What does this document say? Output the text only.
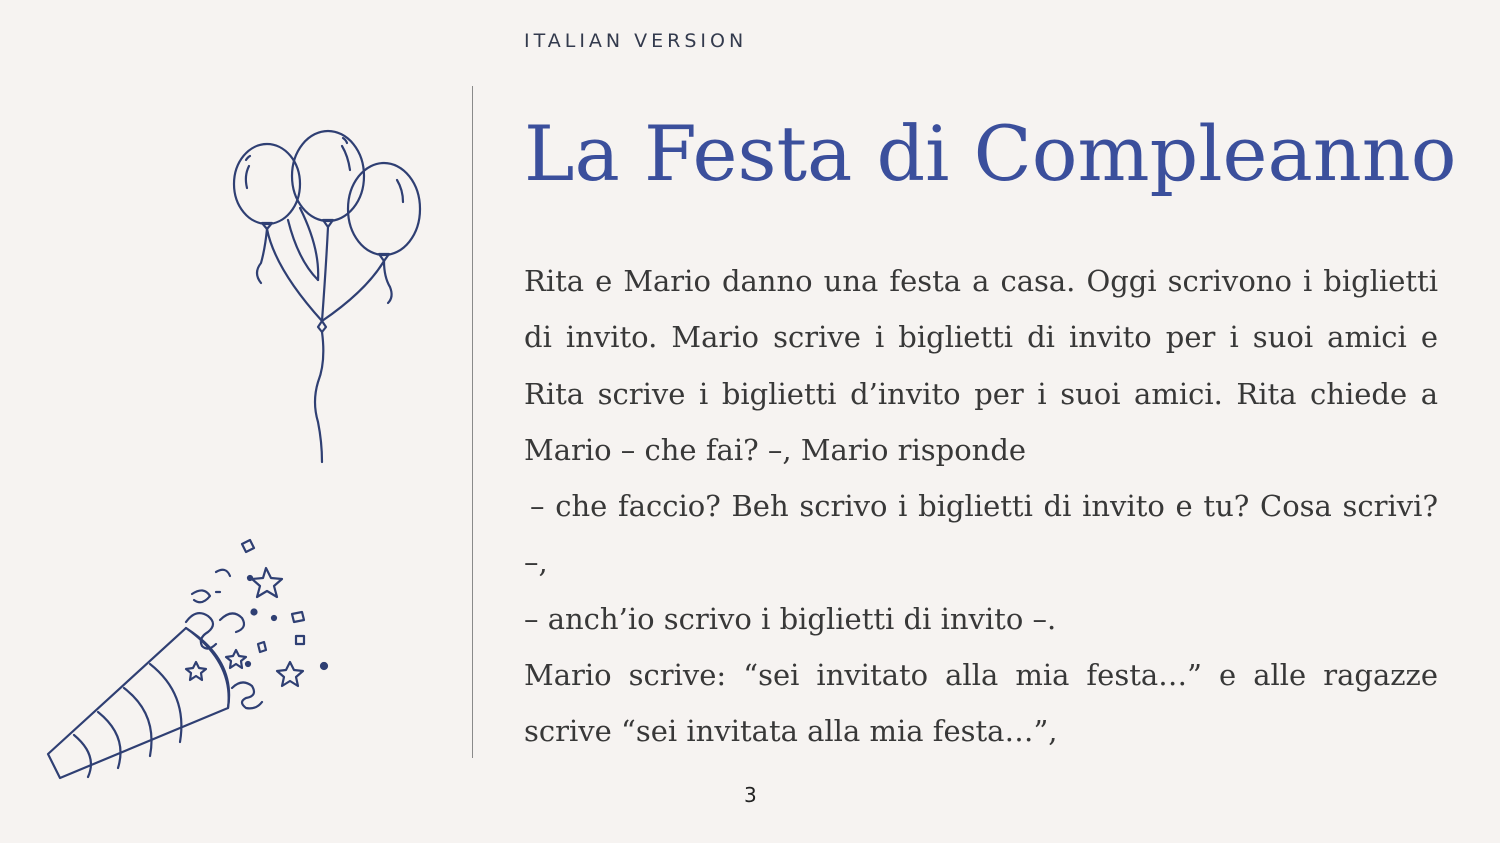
ITALIAN VERSION
La Festa di Compleanno

Rita e Mario danno una festa a casa. Oggi scrivono i biglietti di invito. Mario scrive i biglietti di invito per i suoi amici e Rita scrive i biglietti d’invito per i suoi amici. Rita chiede a Mario – che fai? –, Mario risponde

– che faccio? Beh scrivo i biglietti di invito e tu? Cosa scrivi? –,

– anch’io scrivo i biglietti di invito –.

Mario scrive: “sei invitato alla mia festa…” e alle ragazze scrive “sei invitata alla mia festa…”,

3
